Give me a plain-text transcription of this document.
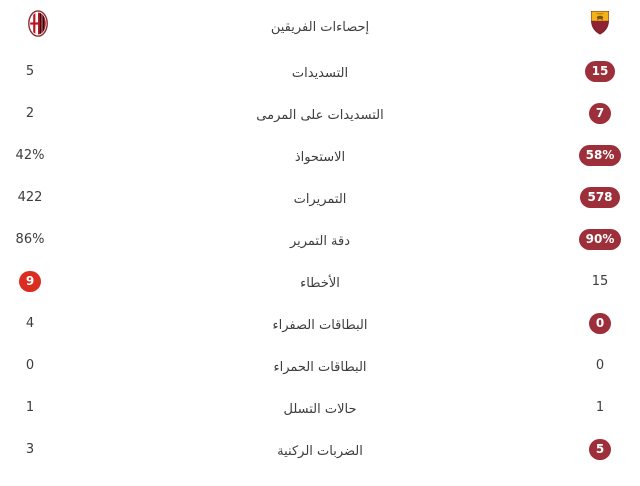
إحصاءات الفريقين
5	التسديدات	15
2	التسديدات على المرمى	7
42%	الاستحواذ	58%
422	التمريرات	578
86%	دقة التمرير	90%
9	الأخطاء	15
4	البطاقات الصفراء	0
0	البطاقات الحمراء	0
1	حالات التسلل	1
3	الضربات الركنية	5
